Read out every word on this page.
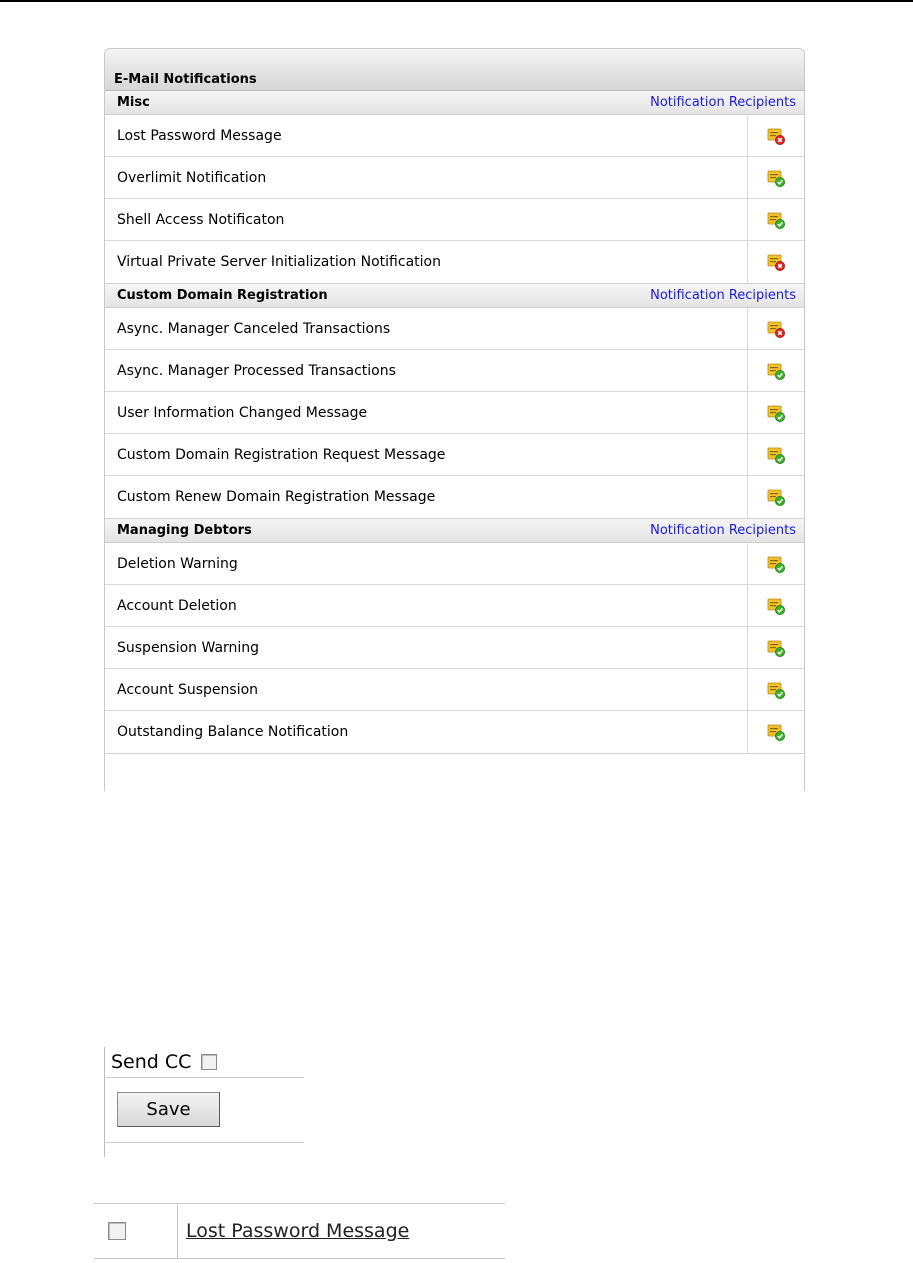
E-Mail Notifications
Misc	Notification Recipients
Lost Password Message
Overlimit Notification
Shell Access Notificaton
Virtual Private Server Initialization Notification
Custom Domain Registration	Notification Recipients
Async. Manager Canceled Transactions
Async. Manager Processed Transactions
User Information Changed Message
Custom Domain Registration Request Message
Custom Renew Domain Registration Message
Managing Debtors	Notification Recipients
Deletion Warning
Account Deletion
Suspension Warning
Account Suspension
Outstanding Balance Notification
Send CC
Save
Lost Password Message
